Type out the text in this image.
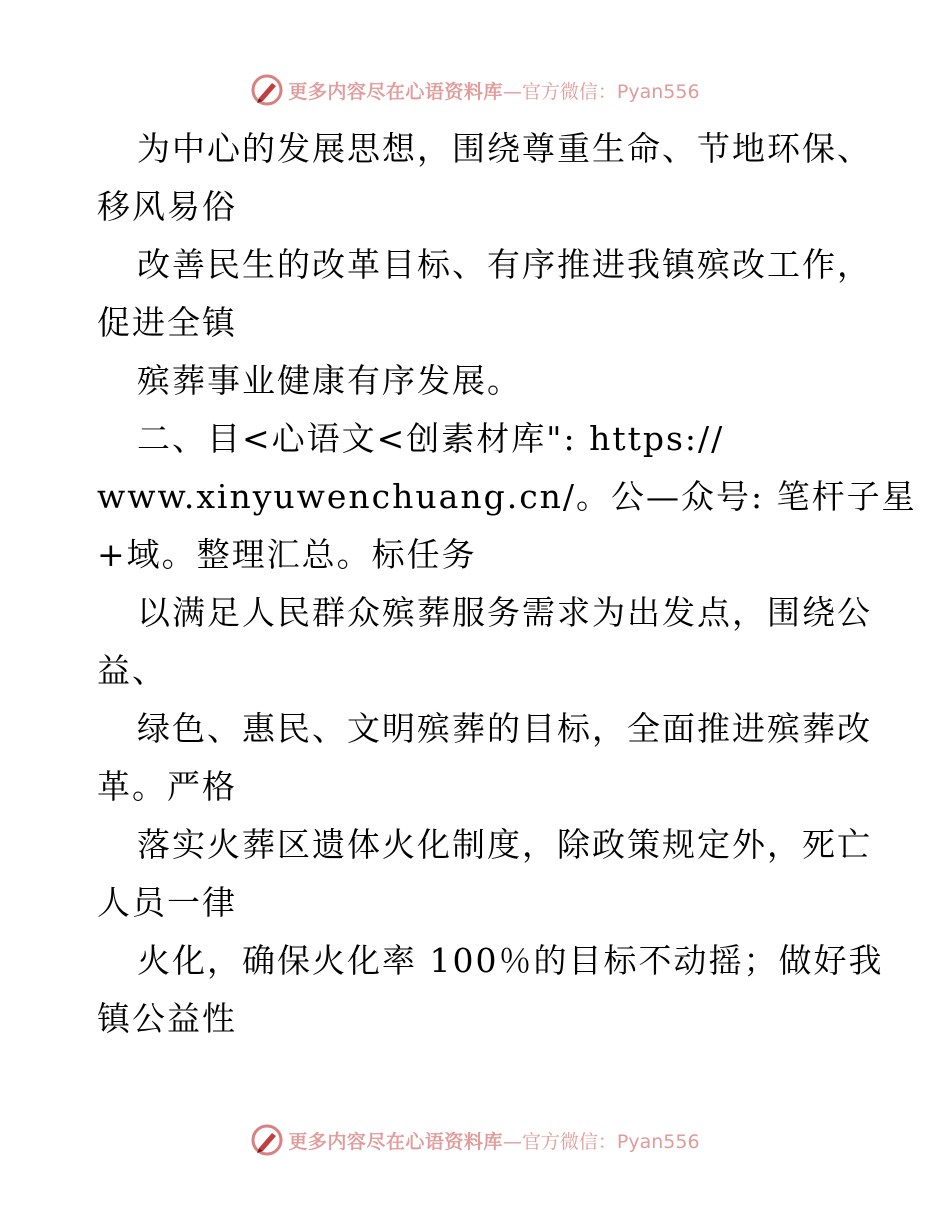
更多内容尽在心语资料库 —官方微信：Pyan556
为中心的发展思想，围绕尊重生命、节地环保、
移风易俗
改善民生的改革目标、有序推进我镇殡改工作，
促进全镇
殡葬事业健康有序发展。
二、目<心语文<创素材库": https://
www.xinyuwenchuang.cn/。公—众号: 笔杆子星
+域。整理汇总。标任务
以满足人民群众殡葬服务需求为出发点，围绕公
益、
绿色、惠民、文明殡葬的目标，全面推进殡葬改
革。严格
落实火葬区遗体火化制度，除政策规定外，死亡
人员一律
火化，确保火化率 100％的目标不动摇；做好我
镇公益性
更多内容尽在心语资料库 —官方微信：Pyan556
